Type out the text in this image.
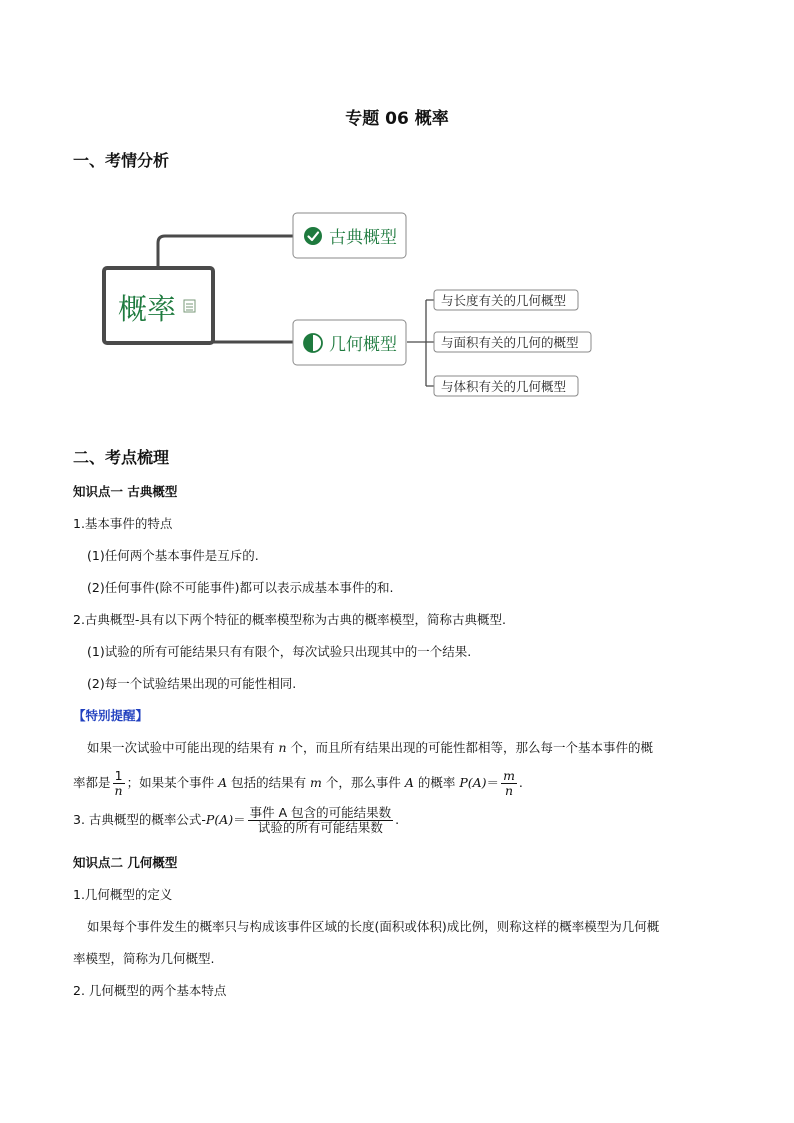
专题 06 概率
一、考情分析
概率
古典概型
几何概型
与长度有关的几何概型
与面积有关的几何的概型
与体积有关的几何概型
二、考点梳理
知识点一 古典概型
1.基本事件的特点
(1)任何两个基本事件是互斥的.
(2)任何事件(除不可能事件)都可以表示成基本事件的和.
2.古典概型-具有以下两个特征的概率模型称为古典的概率模型，简称古典概型.
(1)试验的所有可能结果只有有限个，每次试验只出现其中的一个结果.
(2)每一个试验结果出现的可能性相同.
【特别提醒】
如果一次试验中可能出现的结果有 n 个，而且所有结果出现的可能性都相等，那么每一个基本事件的概
率都是 $\frac{1}{n}$ ；如果某个事件 A 包括的结果有 m 个，那么事件 A 的概率 $P(A)= \frac{m}{n}$ .
3. 古典概型的概率公式$-P(A)= \frac{\text{事件 A 包含的可能结果数}}{\text{试验的所有可能结果数}}$ .
知识点二 几何概型
1.几何概型的定义
如果每个事件发生的概率只与构成该事件区域的长度(面积或体积)成比例，则称这样的概率模型为几何概
率模型，简称为几何概型.
2. 几何概型的两个基本特点
